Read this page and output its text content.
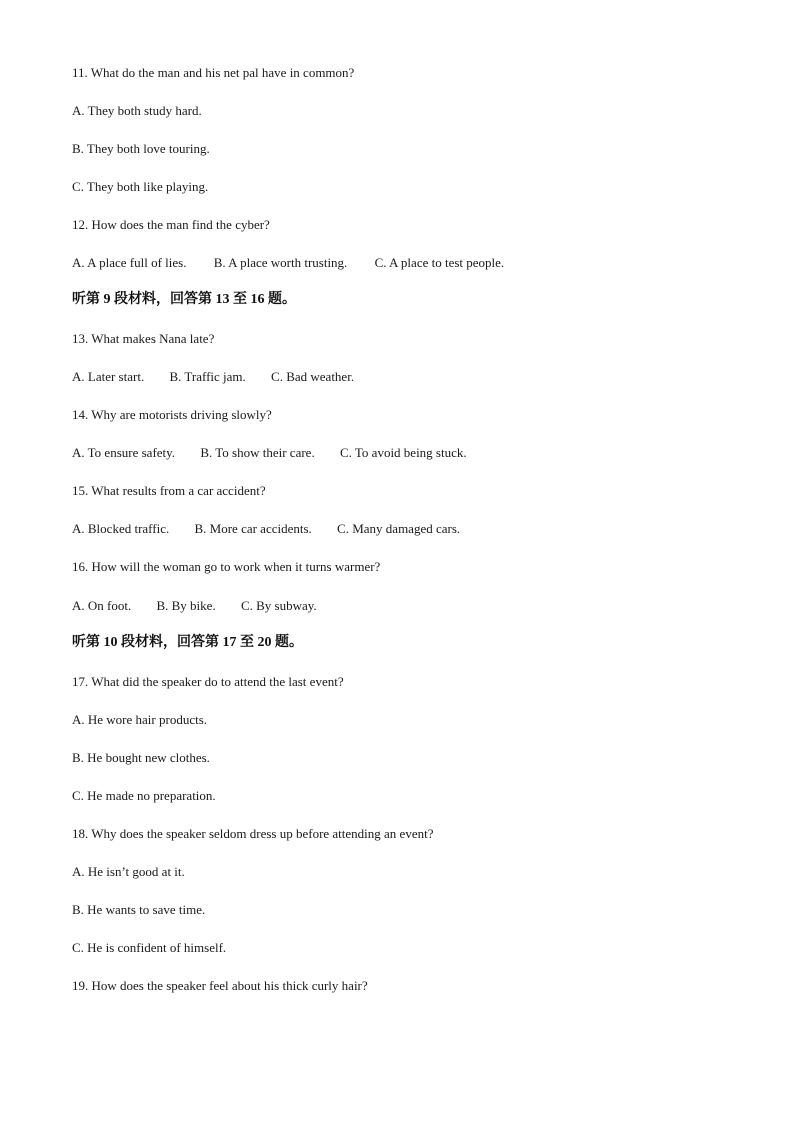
11. What do the man and his net pal have in common?
A. They both study hard.
B. They both love touring.
C. They both like playing.
12. How does the man find the cyber?
A. A place full of lies. B. A place worth trusting. C. A place to test people.
听第 9 段材料，回答第 13 至 16 题。
13. What makes Nana late?
A. Later start. B. Traffic jam. C. Bad weather.
14. Why are motorists driving slowly?
A. To ensure safety. B. To show their care. C. To avoid being stuck.
15. What results from a car accident?
A. Blocked traffic. B. More car accidents. C. Many damaged cars.
16. How will the woman go to work when it turns warmer?
A. On foot. B. By bike. C. By subway.
听第 10 段材料，回答第 17 至 20 题。
17. What did the speaker do to attend the last event?
A. He wore hair products.
B. He bought new clothes.
C. He made no preparation.
18. Why does the speaker seldom dress up before attending an event?
A. He isn’t good at it.
B. He wants to save time.
C. He is confident of himself.
19. How does the speaker feel about his thick curly hair?
